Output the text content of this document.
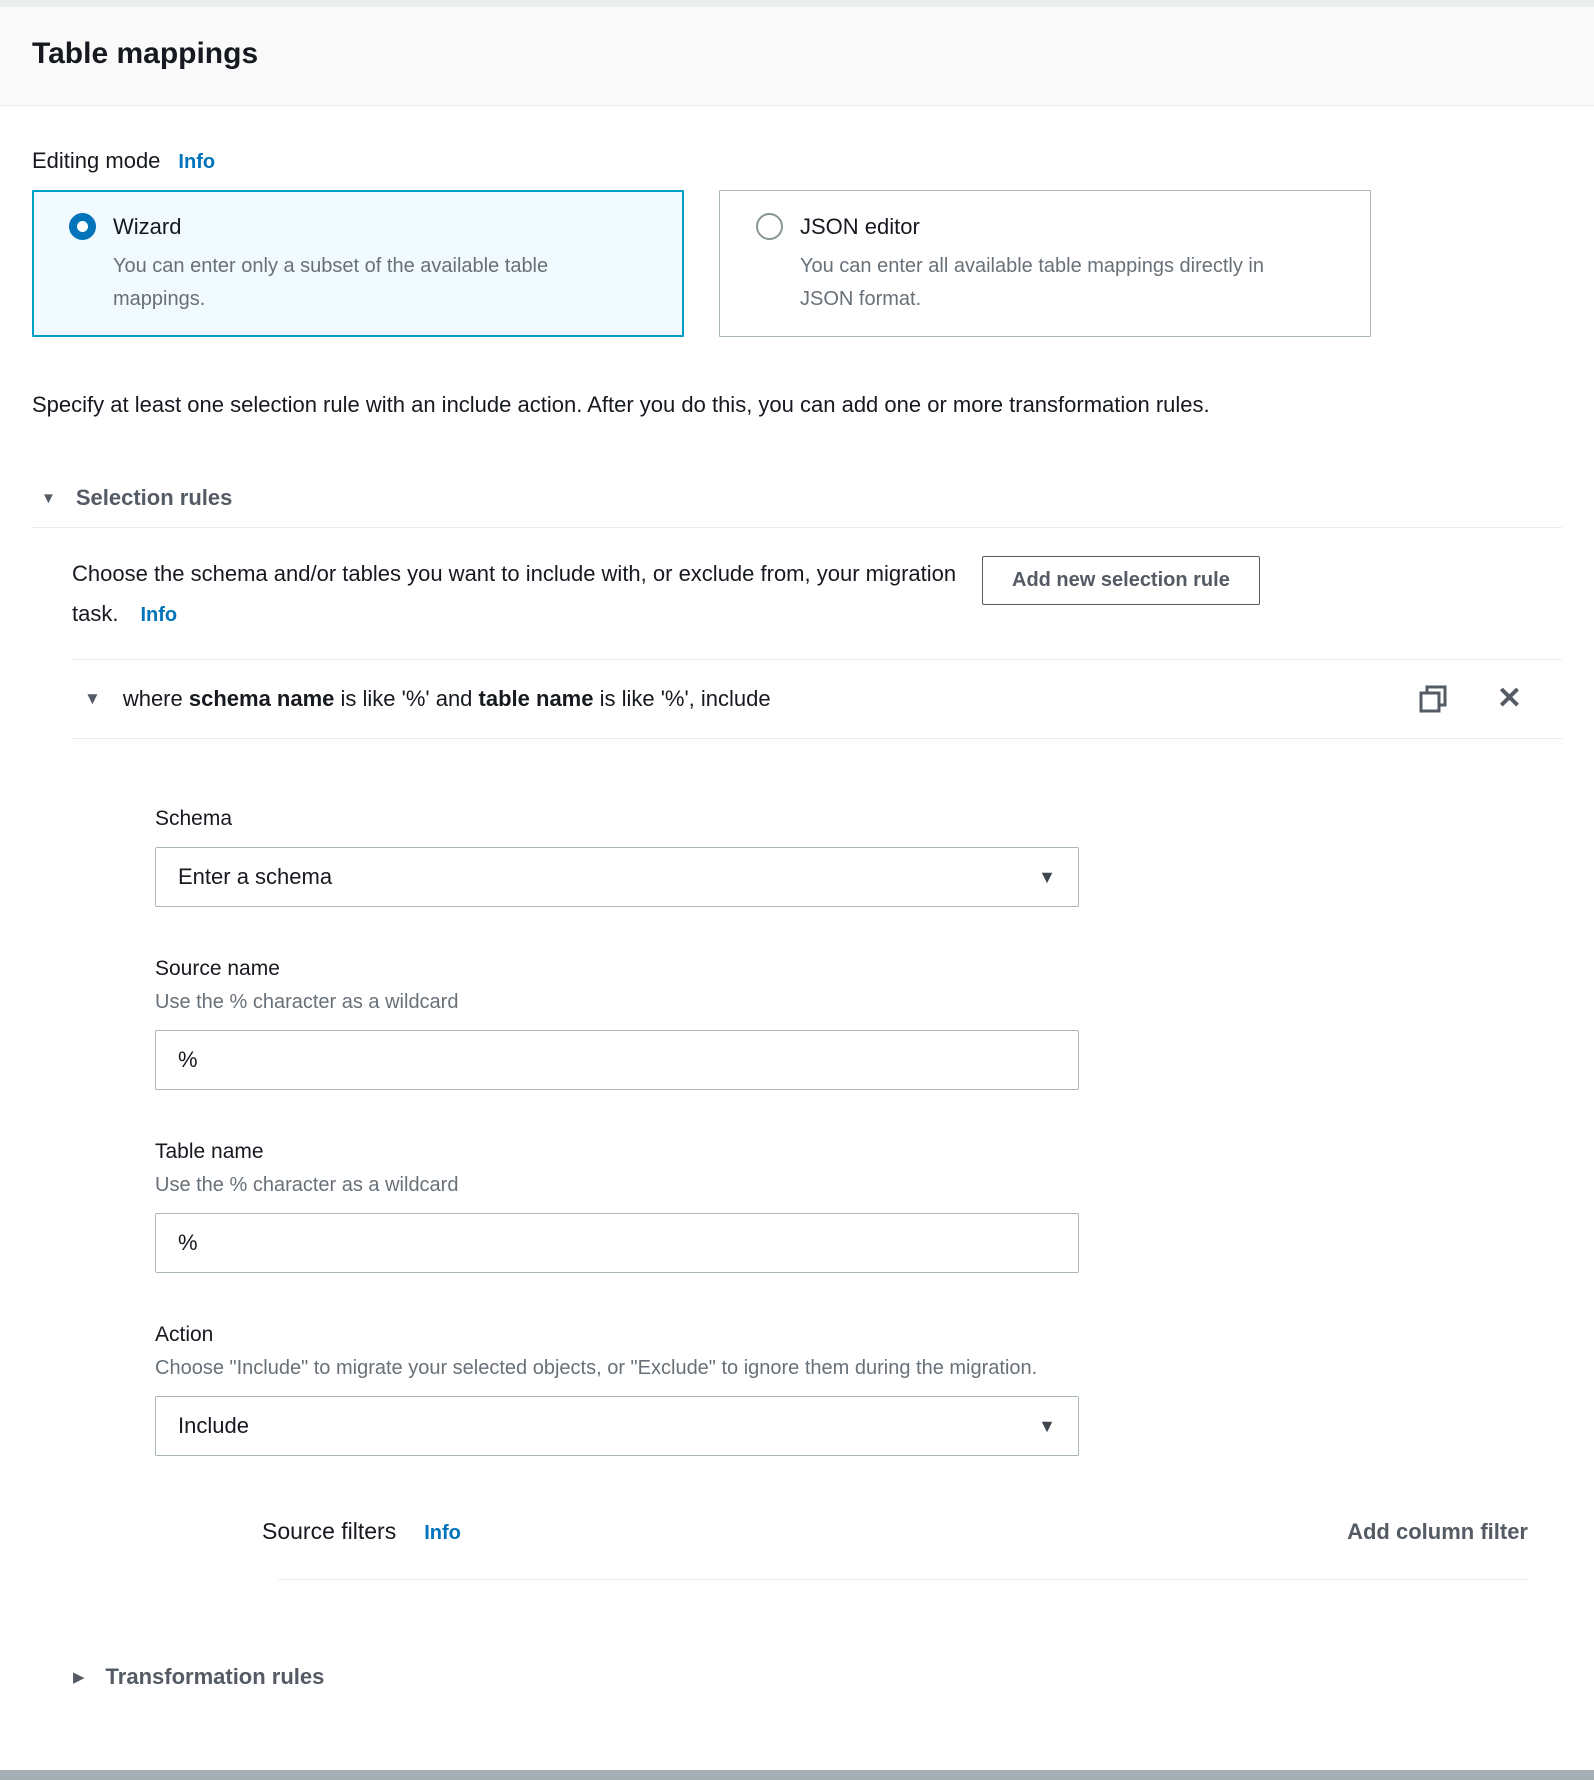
Table mappings
Editing mode Info
Wizard
You can enter only a subset of the available table mappings.
JSON editor
You can enter all available table mappings directly in JSON format.

Specify at least one selection rule with an include action. After you do this, you can add one or more transformation rules.

▼ Selection rules
Choose the schema and/or tables you want to include with, or exclude from, your migration task. Info
Add new selection rule
▼ where schema name is like '%' and table name is like '%', include	✕
Schema
Enter a schema	▼
Source name
Use the % character as a wildcard
%
Table name
Use the % character as a wildcard
%
Action
Choose "Include" to migrate your selected objects, or "Exclude" to ignore them during the migration.
Include	▼
Source filters Info	Add column filter
▶ Transformation rules
